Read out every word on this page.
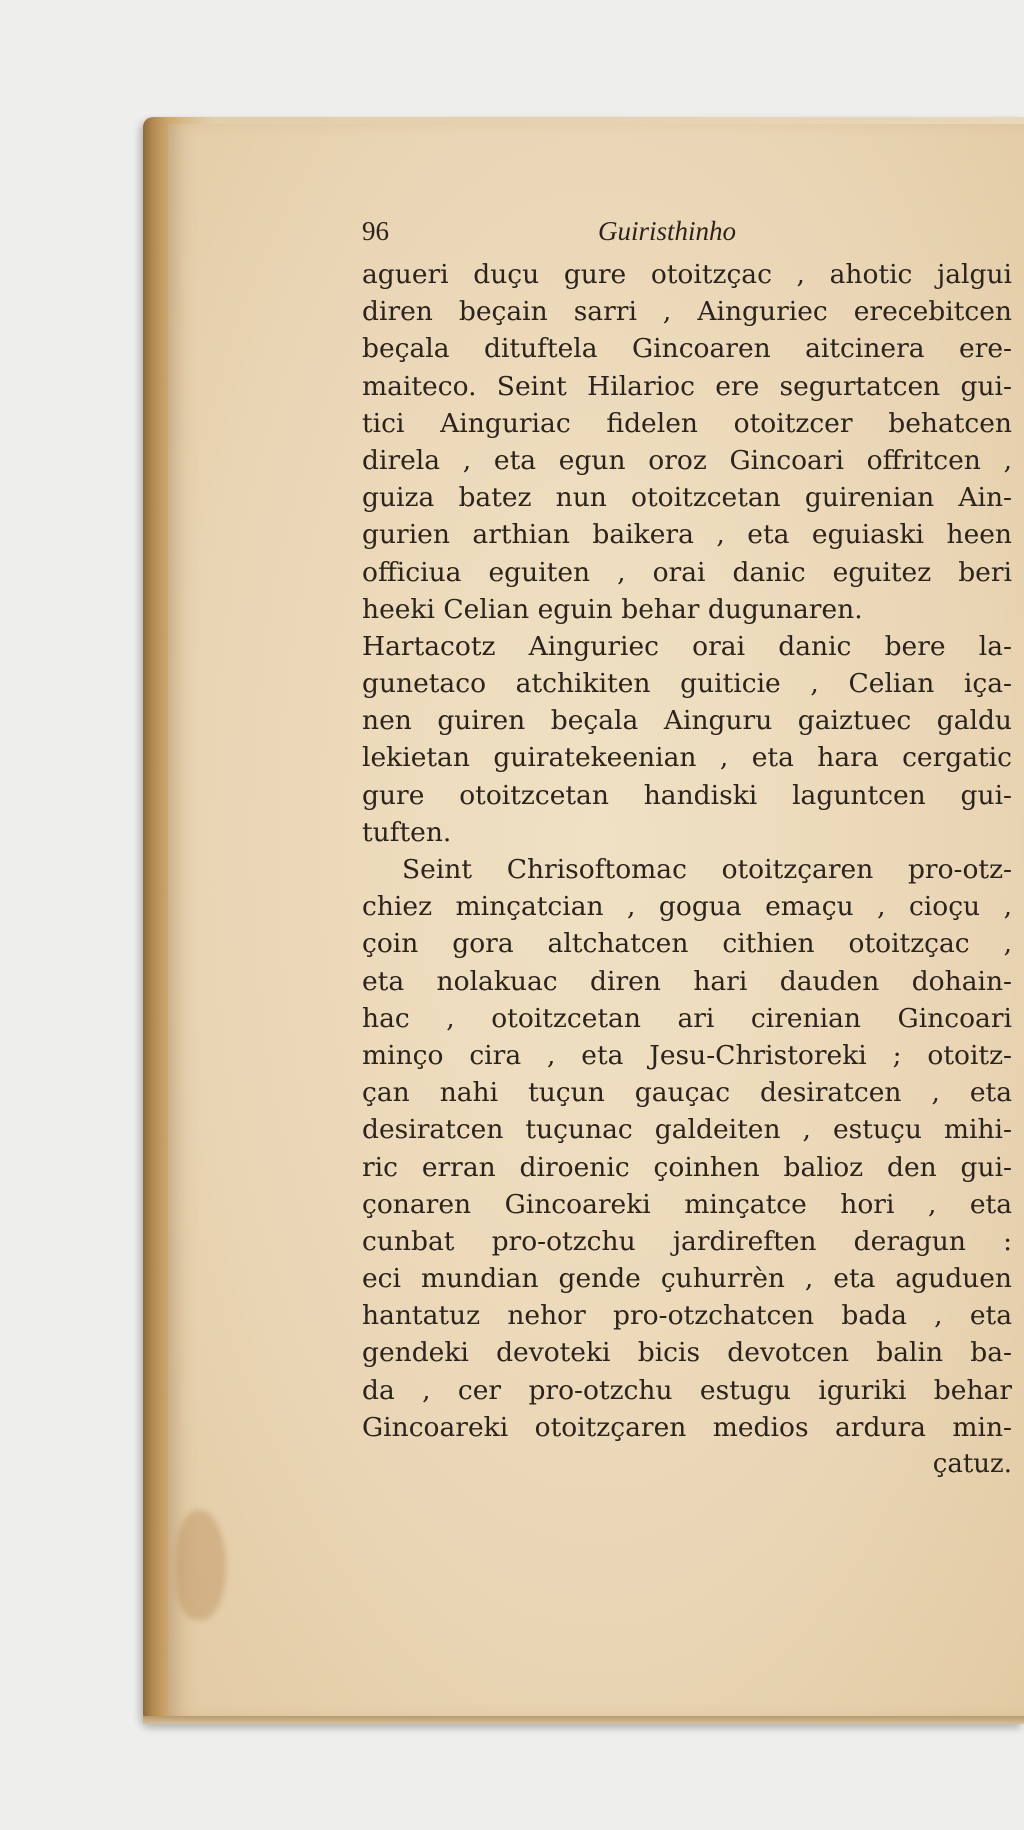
96	Guiristhinho
agueri duçu gure otoitzçac , ahotic jalgui
diren beçain sarri , Ainguriec erecebitcen
beçala dituftela Gincoaren aitcinera ere-
maiteco. Seint Hilarioc ere segurtatcen gui-
tici Ainguriac fidelen otoitzcer behatcen
direla , eta egun oroz Gincoari offritcen ,
guiza batez nun otoitzcetan guirenian Ain-
gurien arthian baikera , eta eguiaski heen
officiua eguiten , orai danic eguitez beri
heeki Celian eguin behar dugunaren.
Hartacotz Ainguriec orai danic bere la-
gunetaco atchikiten guiticie , Celian iça-
nen guiren beçala Ainguru gaiztuec galdu
lekietan guiratekeenian , eta hara cergatic
gure otoitzcetan handiski laguntcen gui-
tuften.
Seint Chrisoftomac otoitzçaren pro-otz-
chiez minçatcian , gogua emaçu , cioçu ,
çoin gora altchatcen cithien otoitzçac ,
eta nolakuac diren hari dauden dohain-
hac , otoitzcetan ari cirenian Gincoari
minço cira , eta Jesu-Christoreki ; otoitz-
çan nahi tuçun gauçac desiratcen , eta
desiratcen tuçunac galdeiten , estuçu mihi-
ric erran diroenic çoinhen balioz den gui-
çonaren Gincoareki minçatce hori , eta
cunbat pro-otzchu jardireften deragun :
eci mundian gende çuhurrèn , eta aguduen
hantatuz nehor pro-otzchatcen bada , eta
gendeki devoteki bicis devotcen balin ba-
da , cer pro-otzchu estugu iguriki behar
Gincoareki otoitzçaren medios ardura min-
çatuz.
